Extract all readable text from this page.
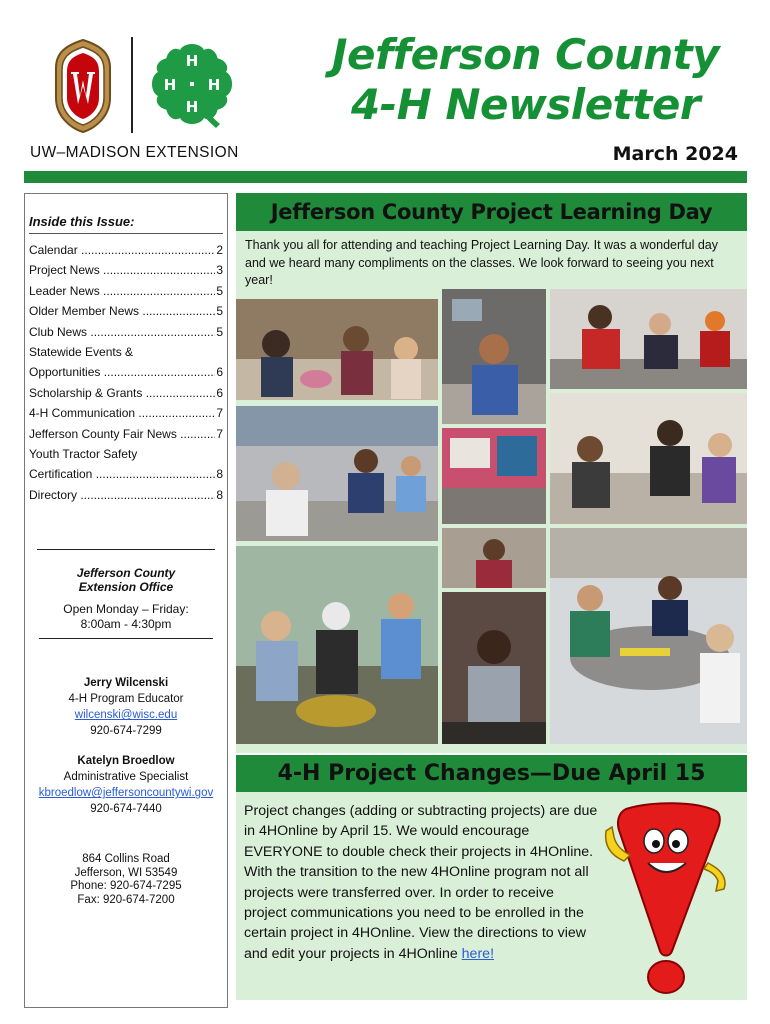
H
H
H
H
UW–MADISON EXTENSION
Jefferson County
4-H Newsletter
March 2024
Inside this Issue:
Calendar .....	2
Project News .....	3
Leader News .....	5
Older Member News .....	5
Club News .....	5
Statewide Events &
Opportunities .....	6
Scholarship & Grants .....	6
4-H Communication .....	7
Jefferson County Fair News .....	7
Youth Tractor Safety
Certification .....	8
Directory .....	8
Jefferson County
Extension Office

Open Monday – Friday:

8:00am - 4:30pm

Jerry Wilcenski
4-H Program Educator
wilcenski@wisc.edu
920-674-7299
Katelyn Broedlow
Administrative Specialist
kbroedlow@jeffersoncountywi.gov
920-674-7440
864 Collins Road
Jefferson, WI 53549
Phone: 920-674-7295
Fax: 920-674-7200
Jefferson County Project Learning Day
Thank you all for attending and teaching Project Learning Day. It was a wonderful day and we heard many compliments on the classes. We look forward to seeing you next year!
4-H Project Changes—Due April 15
Project changes (adding or subtracting projects) are due in 4HOnline by April 15. We would encourage EVERYONE to double check their projects in 4HOnline. With the transition to the new 4HOnline program not all projects were transferred over. In order to receive project communications you need to be enrolled in the certain project in 4HOnline. View the directions to view and edit your projects in 4HOnline here!
